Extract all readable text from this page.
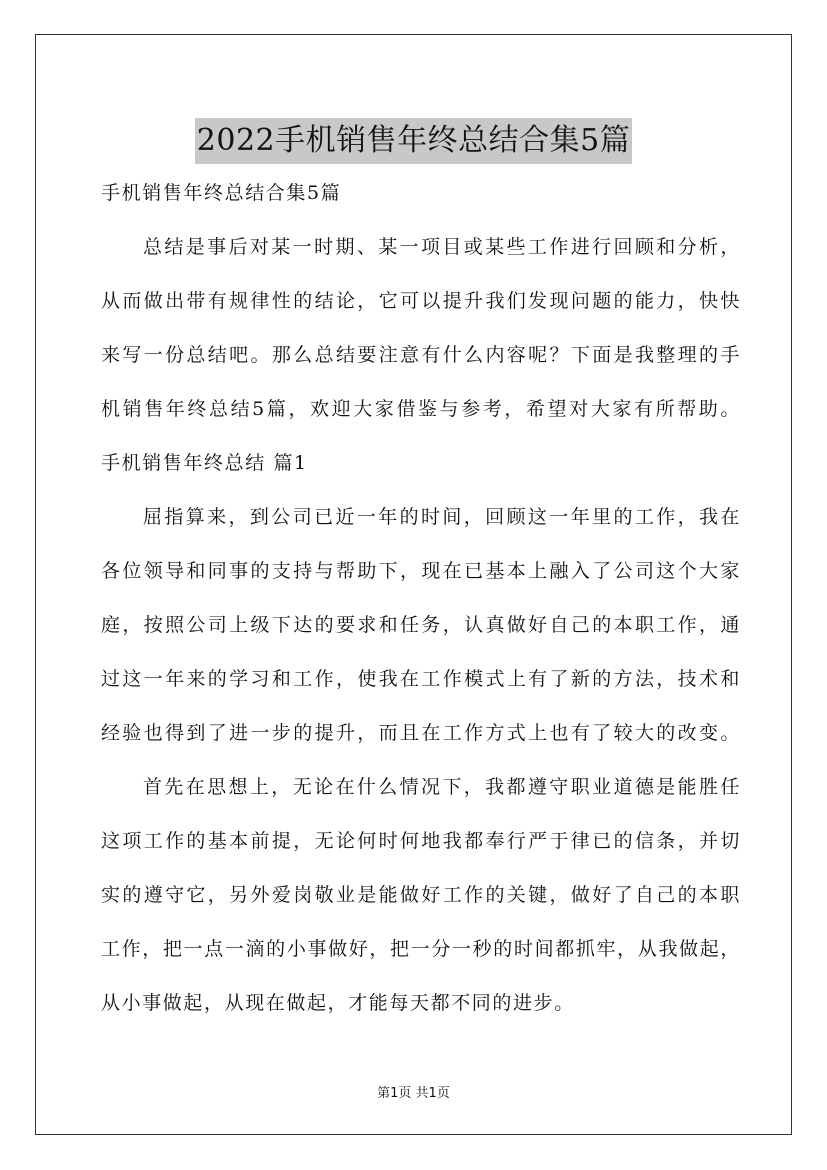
2022手机销售年终总结合集5篇
手机销售年终总结合集5篇
总结是事后对某一时期、某一项目或某些工作进行回顾和分析，
从而做出带有规律性的结论，它可以提升我们发现问题的能力，快快
来写一份总结吧。那么总结要注意有什么内容呢？下面是我整理的手
机销售年终总结5篇，欢迎大家借鉴与参考，希望对大家有所帮助。
手机销售年终总结 篇1
屈指算来，到公司已近一年的时间，回顾这一年里的工作，我在
各位领导和同事的支持与帮助下，现在已基本上融入了公司这个大家
庭，按照公司上级下达的要求和任务，认真做好自己的本职工作，通
过这一年来的学习和工作，使我在工作模式上有了新的方法，技术和
经验也得到了进一步的提升，而且在工作方式上也有了较大的改变。
首先在思想上，无论在什么情况下，我都遵守职业道德是能胜任
这项工作的基本前提，无论何时何地我都奉行严于律已的信条，并切
实的遵守它，另外爱岗敬业是能做好工作的关键，做好了自己的本职
工作，把一点一滴的小事做好，把一分一秒的时间都抓牢，从我做起，
从小事做起，从现在做起，才能每天都不同的进步。
第1页 共1页
